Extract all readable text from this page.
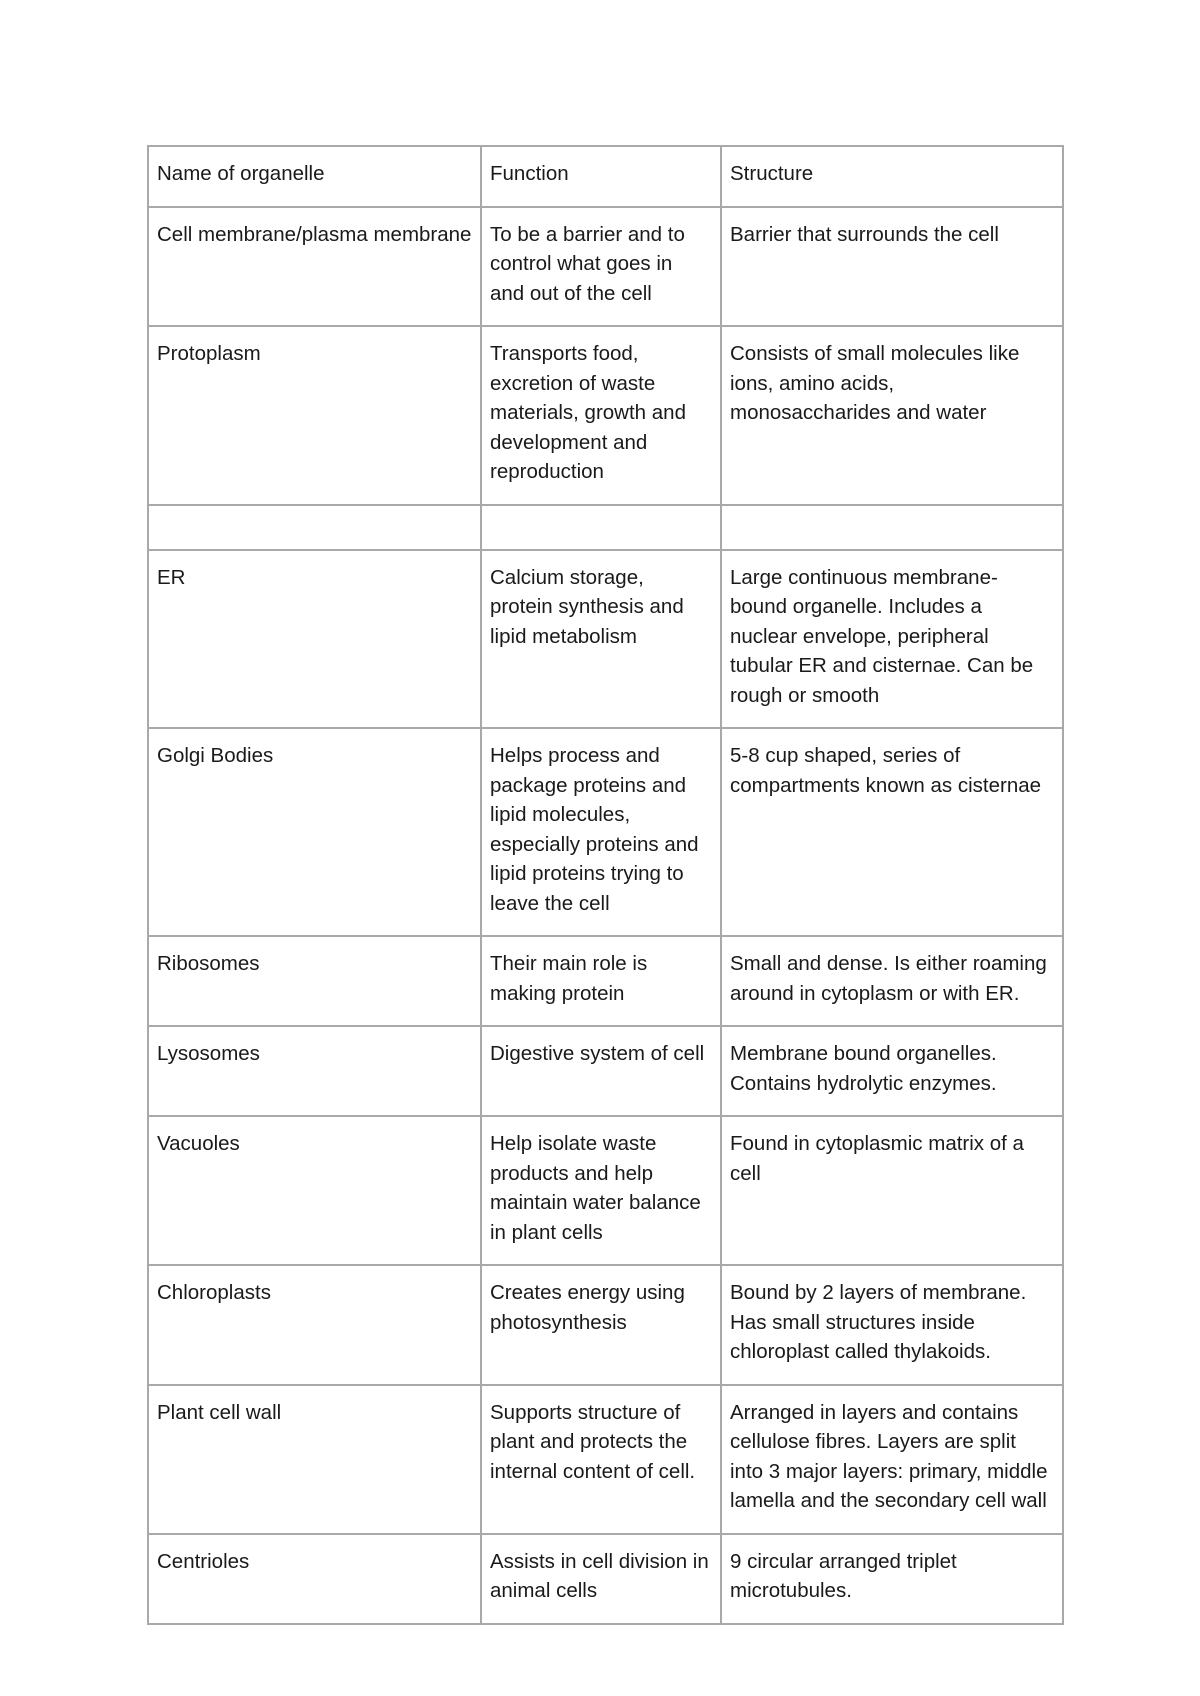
Name of organelle	Function	Structure
Cell membrane/plasma membrane	To be a barrier and to control what goes in and out of the cell	Barrier that surrounds the cell
Protoplasm	Transports food, excretion of waste materials, growth and development and reproduction	Consists of small molecules like ions, amino acids, monosaccharides and water

ER	Calcium storage, protein synthesis and lipid metabolism	Large continuous membrane-bound organelle. Includes a nuclear envelope, peripheral tubular ER and cisternae. Can be rough or smooth
Golgi Bodies	Helps process and package proteins and lipid molecules, especially proteins and lipid proteins trying to leave the cell	5-8 cup shaped, series of compartments known as cisternae
Ribosomes	Their main role is making protein	Small and dense. Is either roaming around in cytoplasm or with ER.
Lysosomes	Digestive system of cell	Membrane bound organelles. Contains hydrolytic enzymes.
Vacuoles	Help isolate waste products and help maintain water balance in plant cells	Found in cytoplasmic matrix of a cell
Chloroplasts	Creates energy using photosynthesis	Bound by 2 layers of membrane. Has small structures inside chloroplast called thylakoids.
Plant cell wall	Supports structure of plant and protects the internal content of cell.	Arranged in layers and contains cellulose fibres. Layers are split into 3 major layers: primary, middle lamella and the secondary cell wall
Centrioles	Assists in cell division in animal cells	9 circular arranged triplet microtubules.
